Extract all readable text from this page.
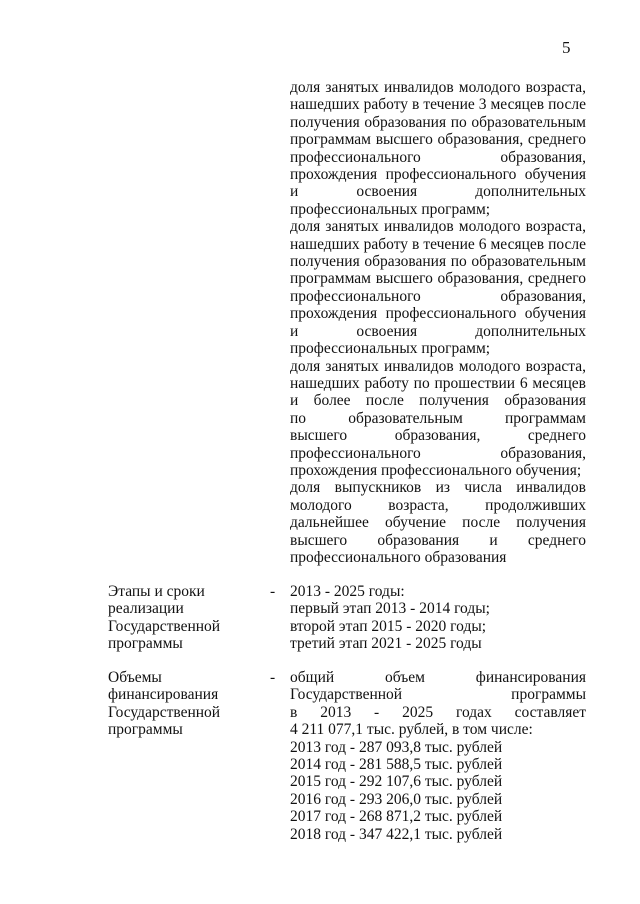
5
доля занятых инвалидов молодого возраста,
нашедших работу в течение 3 месяцев после
получения образования по образовательным
программам высшего образования, среднего
профессионального образования,
прохождения профессионального обучения
и освоения дополнительных
профессиональных программ;
доля занятых инвалидов молодого возраста,
нашедших работу в течение 6 месяцев после
получения образования по образовательным
программам высшего образования, среднего
профессионального образования,
прохождения профессионального обучения
и освоения дополнительных
профессиональных программ;
доля занятых инвалидов молодого возраста,
нашедших работу по прошествии 6 месяцев
и более после получения образования
по образовательным программам
высшего образования, среднего
профессионального образования,
прохождения профессионального обучения;
доля выпускников из числа инвалидов
молодого возраста, продолживших
дальнейшее обучение после получения
высшего образования и среднего
профессионального образования
Этапы и сроки
реализации
Государственной
программы
- 2013 - 2025 годы:
первый этап 2013 - 2014 годы;
второй этап 2015 - 2020 годы;
третий этап 2021 - 2025 годы
Объемы
финансирования
Государственной
программы
- общий объем финансирования
Государственной программы
в 2013 - 2025 годах составляет
4 211 077,1 тыс. рублей, в том числе:
2013 год - 287 093,8 тыс. рублей
2014 год - 281 588,5 тыс. рублей
2015 год - 292 107,6 тыс. рублей
2016 год - 293 206,0 тыс. рублей
2017 год - 268 871,2 тыс. рублей
2018 год - 347 422,1 тыс. рублей
